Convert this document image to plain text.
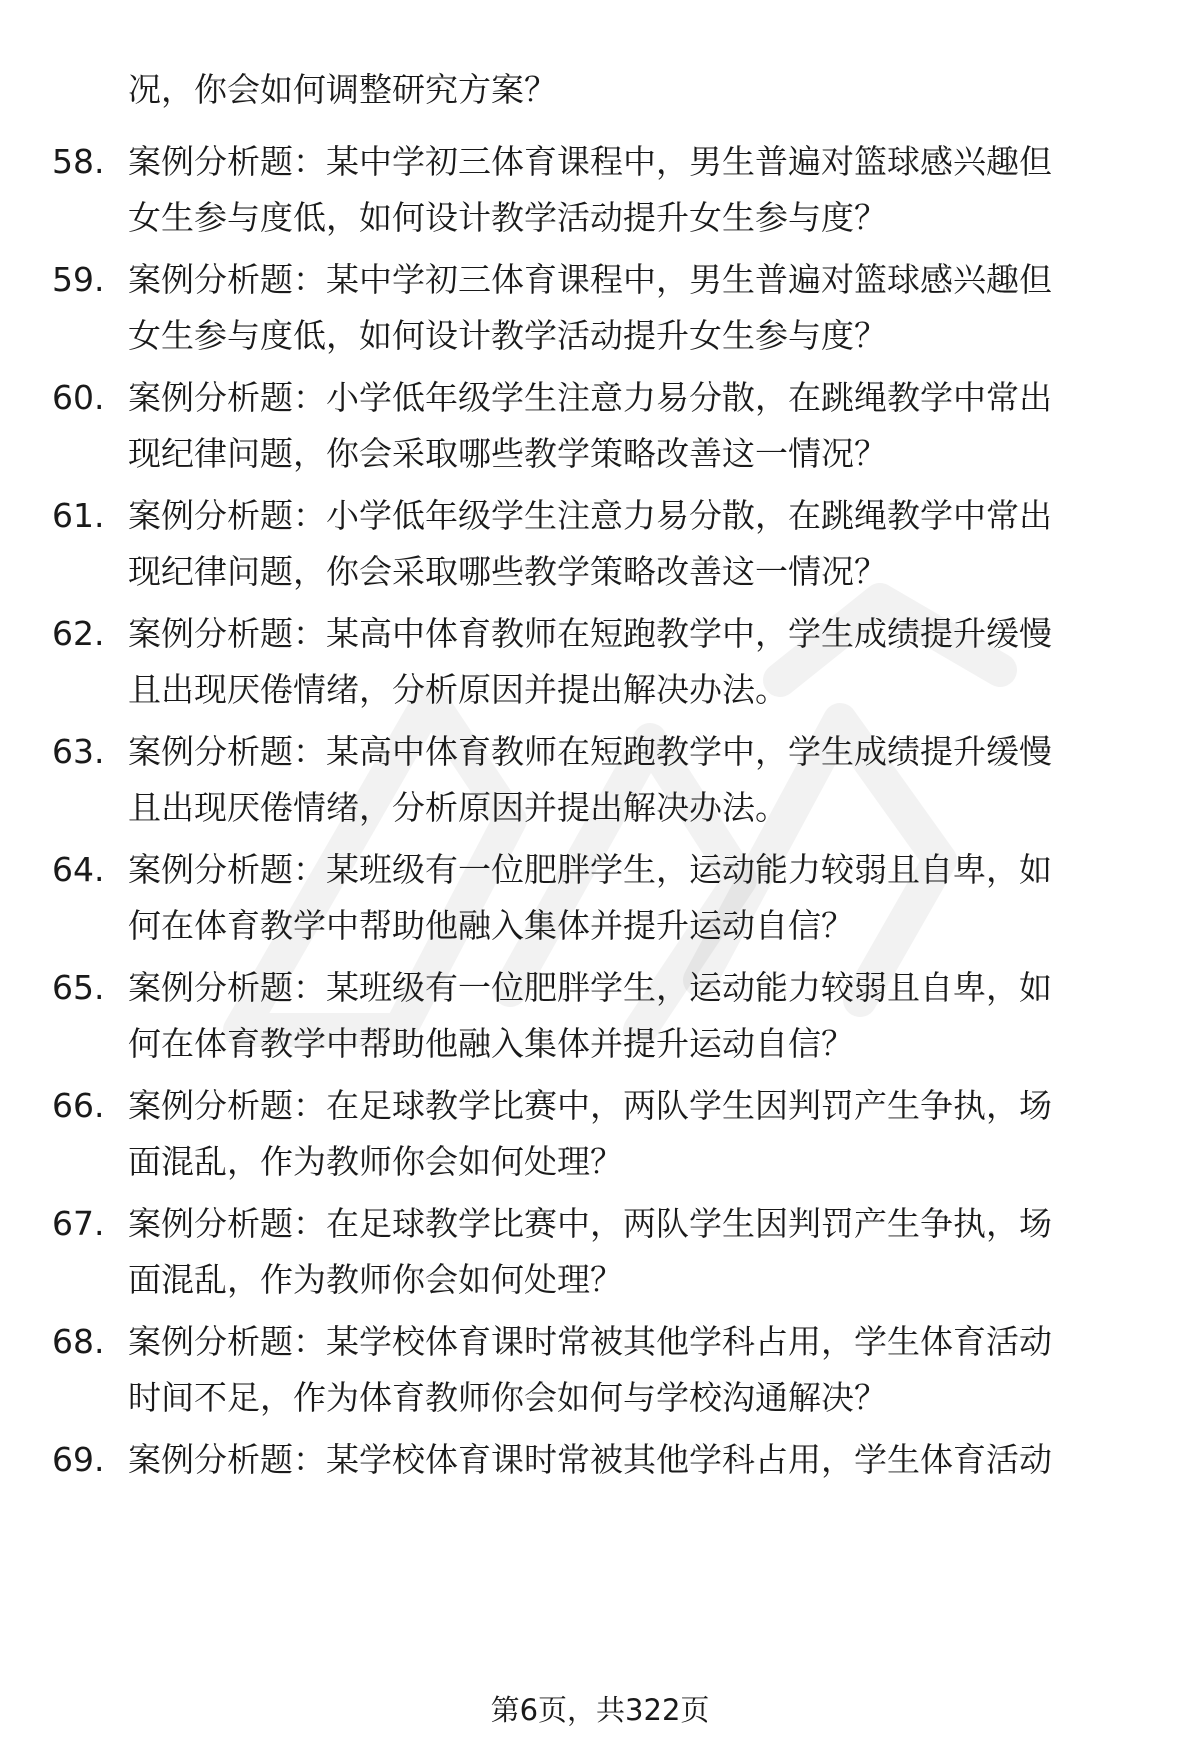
况，你会如何调整研究方案？
58. 案例分析题：某中学初三体育课程中，男生普遍对篮球感兴趣但
女生参与度低，如何设计教学活动提升女生参与度？
59. 案例分析题：某中学初三体育课程中，男生普遍对篮球感兴趣但
女生参与度低，如何设计教学活动提升女生参与度？
60. 案例分析题：小学低年级学生注意力易分散，在跳绳教学中常出
现纪律问题，你会采取哪些教学策略改善这一情况？
61. 案例分析题：小学低年级学生注意力易分散，在跳绳教学中常出
现纪律问题，你会采取哪些教学策略改善这一情况？
62. 案例分析题：某高中体育教师在短跑教学中，学生成绩提升缓慢
且出现厌倦情绪，分析原因并提出解决办法。
63. 案例分析题：某高中体育教师在短跑教学中，学生成绩提升缓慢
且出现厌倦情绪，分析原因并提出解决办法。
64. 案例分析题：某班级有一位肥胖学生，运动能力较弱且自卑，如
何在体育教学中帮助他融入集体并提升运动自信？
65. 案例分析题：某班级有一位肥胖学生，运动能力较弱且自卑，如
何在体育教学中帮助他融入集体并提升运动自信？
66. 案例分析题：在足球教学比赛中，两队学生因判罚产生争执，场
面混乱，作为教师你会如何处理？
67. 案例分析题：在足球教学比赛中，两队学生因判罚产生争执，场
面混乱，作为教师你会如何处理？
68. 案例分析题：某学校体育课时常被其他学科占用，学生体育活动
时间不足，作为体育教师你会如何与学校沟通解决？
69. 案例分析题：某学校体育课时常被其他学科占用，学生体育活动
第6页，共322页
